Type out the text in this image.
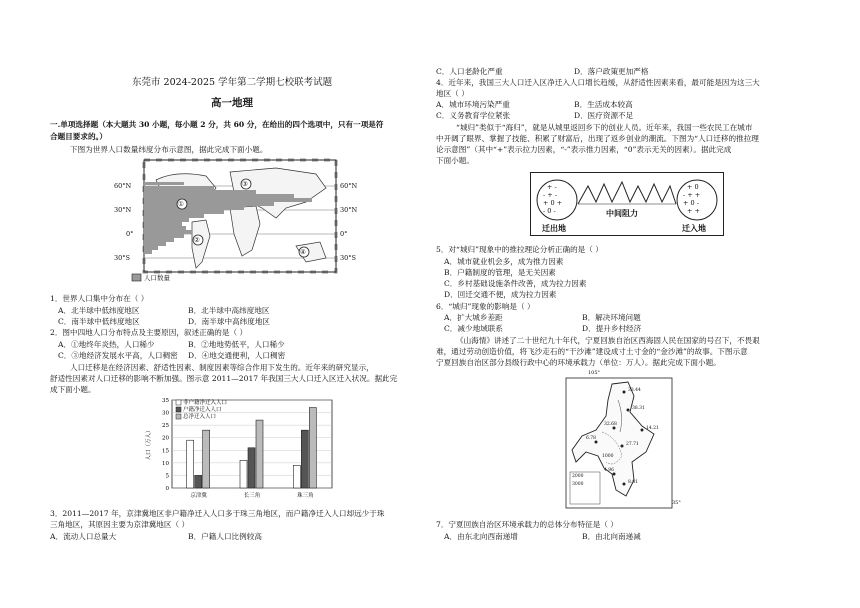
东莞市 2024-2025 学年第二学期七校联考试题
高一地理
一.单项选择题（本大题共 30 小题，每小题 2 分，共 60 分，在给出的四个选项中，只有一项是符
合题目要求的。）
下图为世界人口数量纬度分布示意图，据此完成下面小题。
60°N
30°N
0°
30°S
60°N
30°N
0°
30°S
①
②
③
④
人口数量
1．世界人口集中分布在（ ）
A．北半球中低纬度地区	B．北半球中高纬度地区
C．南半球中低纬度地区	D．南半球中高纬度地区
2．图中四地人口分布特点及主要原因，叙述正确的是（ ）
A．①地终年炎热，人口稀少	B．②地地势低平，人口稀少
C．③地经济发展水平高，人口稠密 D．④地交通便利，人口稠密
人口迁移是在经济因素、舒适性因素、制度因素等综合作用下发生的。近年来的研究显示，
舒适性因素对人口迁移的影响不断加强。图示意 2011—2017 年我国三大人口迁入区迁入状况。据此完
成下面小题。
0
5
10
15
20
25
30
35
人口（万人）
京津冀	长三角	珠三角
非户籍净迁入人口
户籍净迁入人口
总净迁入人口
3．2011—2017 年，京津冀地区非户籍净迁入人口多于珠三角地区，而户籍净迁入人口却远少于珠
三角地区，其原因主要为京津冀地区（ ）
A．流动人口总量大	B．户籍人口比例较高
C．人口老龄化严重	D．落户政策更加严格
4．近年来，我国三大人口迁入区净迁入人口增长趋缓，从舒适性因素来看，最可能是因为这三大
地区（ ）
A．城市环境污染严重	B．生活成本较高
C．义务教育学位紧张	D．医疗资源不足
“城归”类似于“海归”，就是从城里返回乡下的创业人员。近年来，我国一些农民工在城市
中开阔了眼界、掌握了技能、积累了财富后，出现了返乡创业的潮流。下图为“人口迁移的推拉理
论示意图”（其中“+”表示拉力因素，“-”表示推力因素，“0”表示无关的因素）。据此完成
下面小题。
+ -
- + -
+ 0 +
- 0 -
+ 0
- + +
+ 0 -
+ +
中间阻力
迁出地	迁入地
5．对“城归”现象中的推拉理论分析正确的是（ ）
A．城市就业机会多，成为推力因素
B．户籍制度的管理，是无关因素
C．乡村基础设施条件改善，成为拉力因素
D．回迁交通不便，成为拉力因素
6．“城归”现象的影响是（ ）
A．扩大城乡差距	B．解决环境问题
C．减少地域联系	D．提升乡村经济
《山海情》讲述了二十世纪九十年代，宁夏回族自治区西海固人民在国家的号召下，不畏艰
难，通过劳动创造价值，将飞沙走石的“干沙滩”建设成寸土寸金的“金沙滩”的故事。下图示意
宁夏回族自治区部分县级行政中心的环境承载力（单位：万人）。据此完成下面小题。
105°
33.44
38.31
14.21
32.68
27.71
6.78
4.96
8.81
1000
2000
3000
35°
7．宁夏回族自治区环境承载力的总体分布特征是（ ）
A．由东北向西南递增	B．由北向南递减
